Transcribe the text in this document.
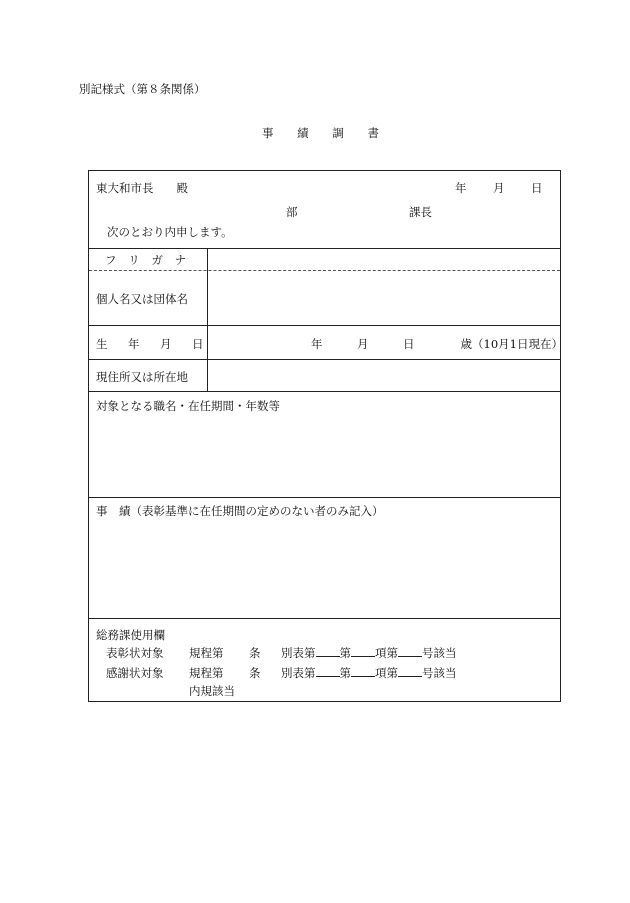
別記様式（第８条関係）
事 績 調 書
東大和市長　　殿	年 月 日
部	課長
次のとおり内申します。
フ リ ガ ナ
個人名又は団体名
生 年 月 日	年　　　月　　　日　　　　歳（10月1日現在）
現住所又は所在地
対象となる職名・在任期間・年数等
事　績（表彰基準に在任期間の定めのない者のみ記入）
総務課使用欄
表彰状対象 規程第 条 別表第 第 項第 号該当
感謝状対象 規程第 条 別表第 第 項第 号該当
内規該当
